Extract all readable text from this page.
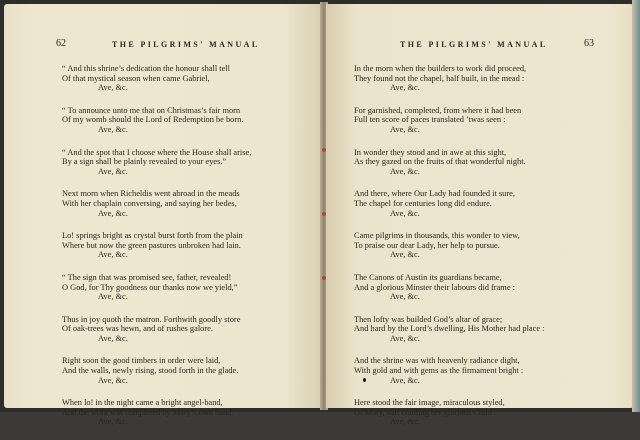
62	THE PILGRIMS' MANUAL
“ And this shrine’s dedication the honour shall tell
Of that mystical season when came Gabriel,
Ave, &c.
“ To announce unto me that on Christmas’s fair morn
Of my womb should the Lord of Redemption be born.
Ave, &c.
“ And the spot that I choose where the House shall arise,
By a sign shall be plainly revealed to your eyes.”
Ave, &c.
Next morn when Richeldis went abroad in the meads
With her chaplain conversing, and saying her bedes,
Ave, &c.
Lo! springs bright as crystal burst forth from the plain
Where but now the green pastures unbroken had lain.
Ave, &c.
“ The sign that was promised see, father, revealed!
O God, for Thy goodness our thanks now we yield,”
Ave, &c.
Thus in joy quoth the matron. Forthwith goodly store
Of oak-trees was hewn, and of rushes galore.
Ave, &c.
Right soon the good timbers in order were laid,
And the walls, newly rising, stood forth in the glade.
Ave, &c.
When lo! in the night came a bright angel-band,
And the work was completed by Mary’s own hand.
Ave, &c.
THE PILGRIMS' MANUAL	63
In the morn when the builders to work did proceed,
They found not the chapel, half built, in the mead :
Ave, &c.
For garnished, completed, from where it had been
Full ten score of paces translated ’twas seen :
Ave, &c.
In wonder they stood and in awe at this sight,
As they gazed on the fruits of that wonderful night.
Ave, &c.
And there, where Our Lady had founded it sure,
The chapel for centuries long did endure.
Ave, &c.
Came pilgrims in thousands, this wonder to view,
To praise our dear Lady, her help to pursue.
Ave, &c.
The Canons of Austin its guardians became,
And a glorious Minster their labours did frame :
Ave, &c.
Then lofty was builded God’s altar of grace;
And hard by the Lord’s dwelling, His Mother had place :
Ave, &c.
And the shrine was with heavenly radiance dight,
With gold and with gems as the firmament bright :
Ave, &c.
Here stood the fair image, miraculous styled,
Of Mary, soft cradling her glorious Child .
Ave, &c.
